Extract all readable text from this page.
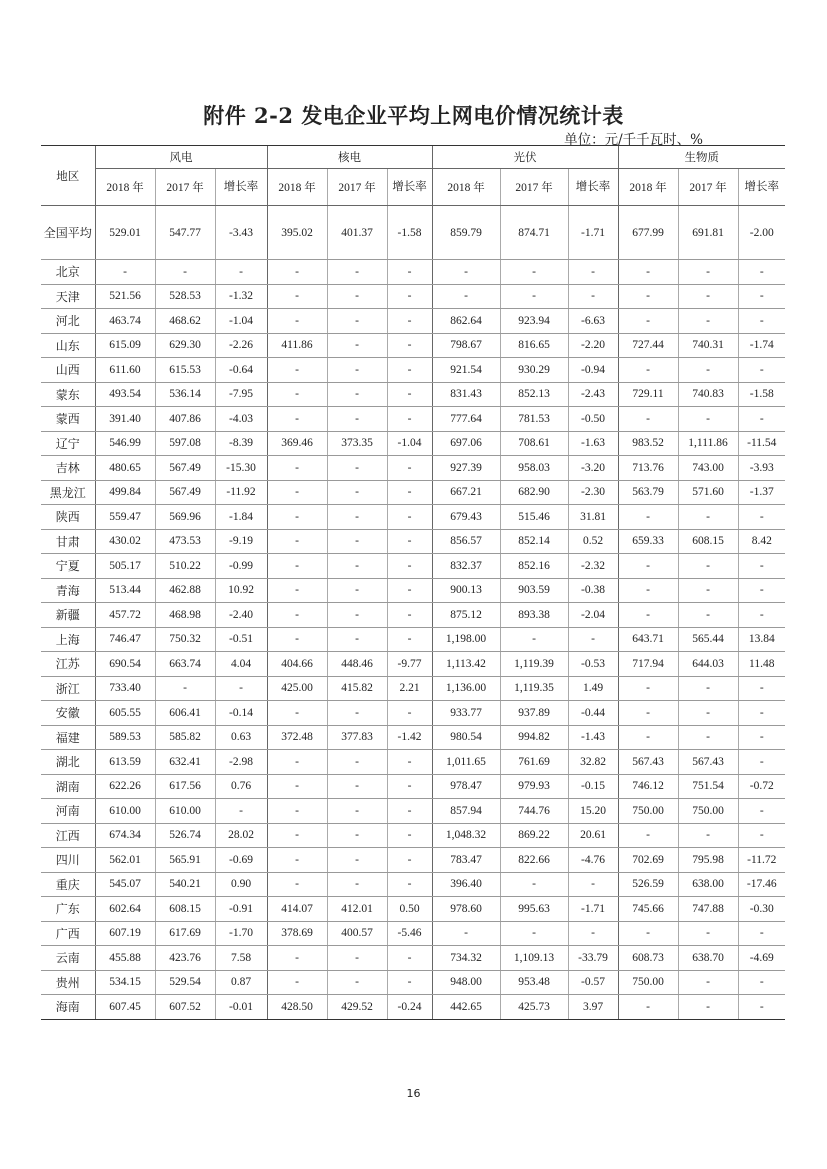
附件 2-2 发电企业平均上网电价情况统计表
单位：元/千千瓦时、%
地区	风电			核电			光伏			生物质		
	2018 年	2017 年	增长率	2018 年	2017 年	增长率	2018 年	2017 年	增长率	2018 年	2017 年	增长率
全国平均	529.01	547.77	-3.43	395.02	401.37	-1.58	859.79	874.71	-1.71	677.99	691.81	-2.00
北京	-	-	-	-	-	-	-	-	-	-	-	-
天津	521.56	528.53	-1.32	-	-	-	-	-	-	-	-	-
河北	463.74	468.62	-1.04	-	-	-	862.64	923.94	-6.63	-	-	-
山东	615.09	629.30	-2.26	411.86	-	-	798.67	816.65	-2.20	727.44	740.31	-1.74
山西	611.60	615.53	-0.64	-	-	-	921.54	930.29	-0.94	-	-	-
蒙东	493.54	536.14	-7.95	-	-	-	831.43	852.13	-2.43	729.11	740.83	-1.58
蒙西	391.40	407.86	-4.03	-	-	-	777.64	781.53	-0.50	-	-	-
辽宁	546.99	597.08	-8.39	369.46	373.35	-1.04	697.06	708.61	-1.63	983.52	1,111.86	-11.54
吉林	480.65	567.49	-15.30	-	-	-	927.39	958.03	-3.20	713.76	743.00	-3.93
黑龙江	499.84	567.49	-11.92	-	-	-	667.21	682.90	-2.30	563.79	571.60	-1.37
陕西	559.47	569.96	-1.84	-	-	-	679.43	515.46	31.81	-	-	-
甘肃	430.02	473.53	-9.19	-	-	-	856.57	852.14	0.52	659.33	608.15	8.42
宁夏	505.17	510.22	-0.99	-	-	-	832.37	852.16	-2.32	-	-	-
青海	513.44	462.88	10.92	-	-	-	900.13	903.59	-0.38	-	-	-
新疆	457.72	468.98	-2.40	-	-	-	875.12	893.38	-2.04	-	-	-
上海	746.47	750.32	-0.51	-	-	-	1,198.00	-	-	643.71	565.44	13.84
江苏	690.54	663.74	4.04	404.66	448.46	-9.77	1,113.42	1,119.39	-0.53	717.94	644.03	11.48
浙江	733.40	-	-	425.00	415.82	2.21	1,136.00	1,119.35	1.49	-	-	-
安徽	605.55	606.41	-0.14	-	-	-	933.77	937.89	-0.44	-	-	-
福建	589.53	585.82	0.63	372.48	377.83	-1.42	980.54	994.82	-1.43	-	-	-
湖北	613.59	632.41	-2.98	-	-	-	1,011.65	761.69	32.82	567.43	567.43	-
湖南	622.26	617.56	0.76	-	-	-	978.47	979.93	-0.15	746.12	751.54	-0.72
河南	610.00	610.00	-	-	-	-	857.94	744.76	15.20	750.00	750.00	-
江西	674.34	526.74	28.02	-	-	-	1,048.32	869.22	20.61	-	-	-
四川	562.01	565.91	-0.69	-	-	-	783.47	822.66	-4.76	702.69	795.98	-11.72
重庆	545.07	540.21	0.90	-	-	-	396.40	-	-	526.59	638.00	-17.46
广东	602.64	608.15	-0.91	414.07	412.01	0.50	978.60	995.63	-1.71	745.66	747.88	-0.30
广西	607.19	617.69	-1.70	378.69	400.57	-5.46	-	-	-	-	-	-
云南	455.88	423.76	7.58	-	-	-	734.32	1,109.13	-33.79	608.73	638.70	-4.69
贵州	534.15	529.54	0.87	-	-	-	948.00	953.48	-0.57	750.00	-	-
海南	607.45	607.52	-0.01	428.50	429.52	-0.24	442.65	425.73	3.97	-	-	-
16
